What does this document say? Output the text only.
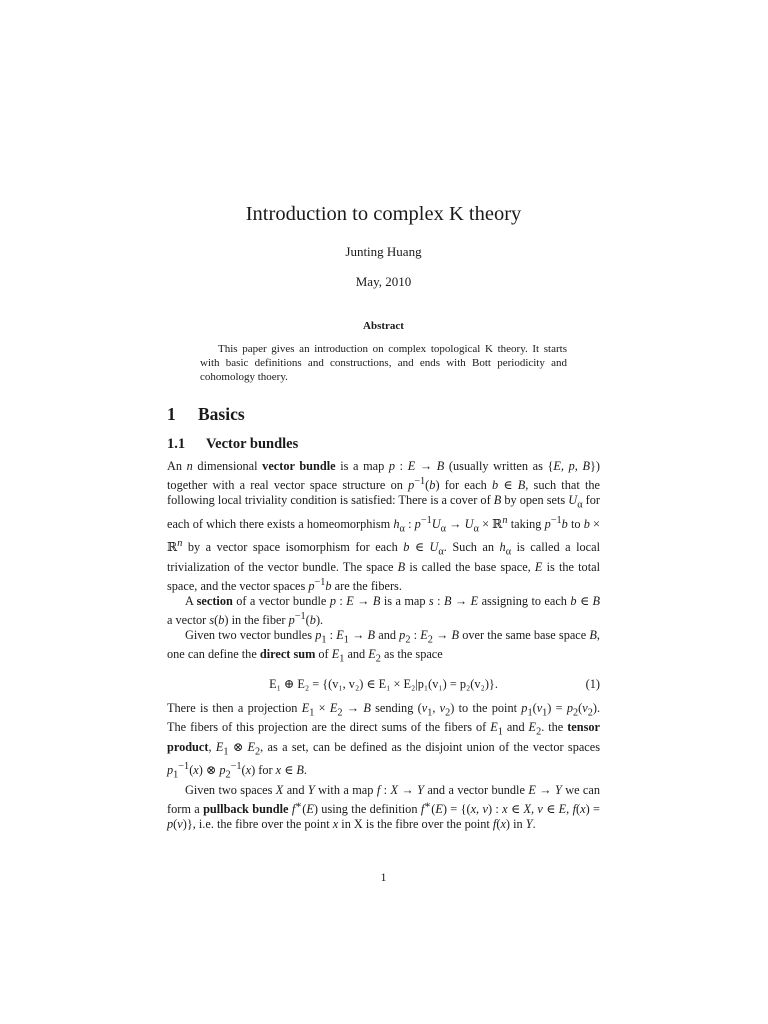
Introduction to complex K theory
Junting Huang
May, 2010
Abstract
This paper gives an introduction on complex topological K theory. It starts with basic definitions and constructions, and ends with Bott periodicity and cohomology thoery.
1 Basics
1.1 Vector bundles

An n dimensional vector bundle is a map p : E → B (usually written as {E, p, B}) together with a real vector space structure on $p^{-1}(b)$ for each b ∈ B, such that the following local triviality condition is satisfied: There is a cover of B by open sets $U_\alpha$ for each of which there exists a homeomorphism $h_\alpha$ : $p^{-1}U_\alpha \to U_\alpha$ × ℝ$^n$ taking $p^{-1}b$ to b × ℝ$^n$ by a vector space isomorphism for each b ∈ $U_\alpha$. Such an $h_\alpha$ is called a local trivialization of the vector bundle. The space B is called the base space, E is the total space, and the vector spaces $p^{-1}b$ are the fibers.

A section of a vector bundle p : E → B is a map s : B → E assigning to each b ∈ B a vector s(b) in the fiber $p^{-1}(b)$.

Given two vector bundles $p_1$ : $E_1 \to B$ and $p_2$ : $E_2 \to B$ over the same base space B, one can define the direct sum of $E_1$ and $E_2$ as the space

E₁ ⊕ E₂ = {(v₁, v₂) ∈ E₁ × E₂|p₁(v₁) = p₂(v₂)}.	(1)

There is then a projection $E_1 \times E_2 \to B$ sending ($v_1$, $v_2$) to the point $p_1(v_1) = p_2(v_2)$. The fibers of this projection are the direct sums of the fibers of $E_1$ and $E_2$. the tensor product, $E_1$ ⊗ $E_2$, as a set, can be defined as the disjoint union of the vector spaces $p_1^{-1}(x)$ ⊗ $p_2^{-1}(x)$ for x ∈ B.

Given two spaces X and Y with a map f : X → Y and a vector bundle E → Y we can form a pullback bundle f∗(E) using the definition f∗(E) = {(x, v) : x ∈ X, v ∈ E, f(x) = p(v)}, i.e. the fibre over the point x in X is the fibre over the point f(x) in Y.

1
